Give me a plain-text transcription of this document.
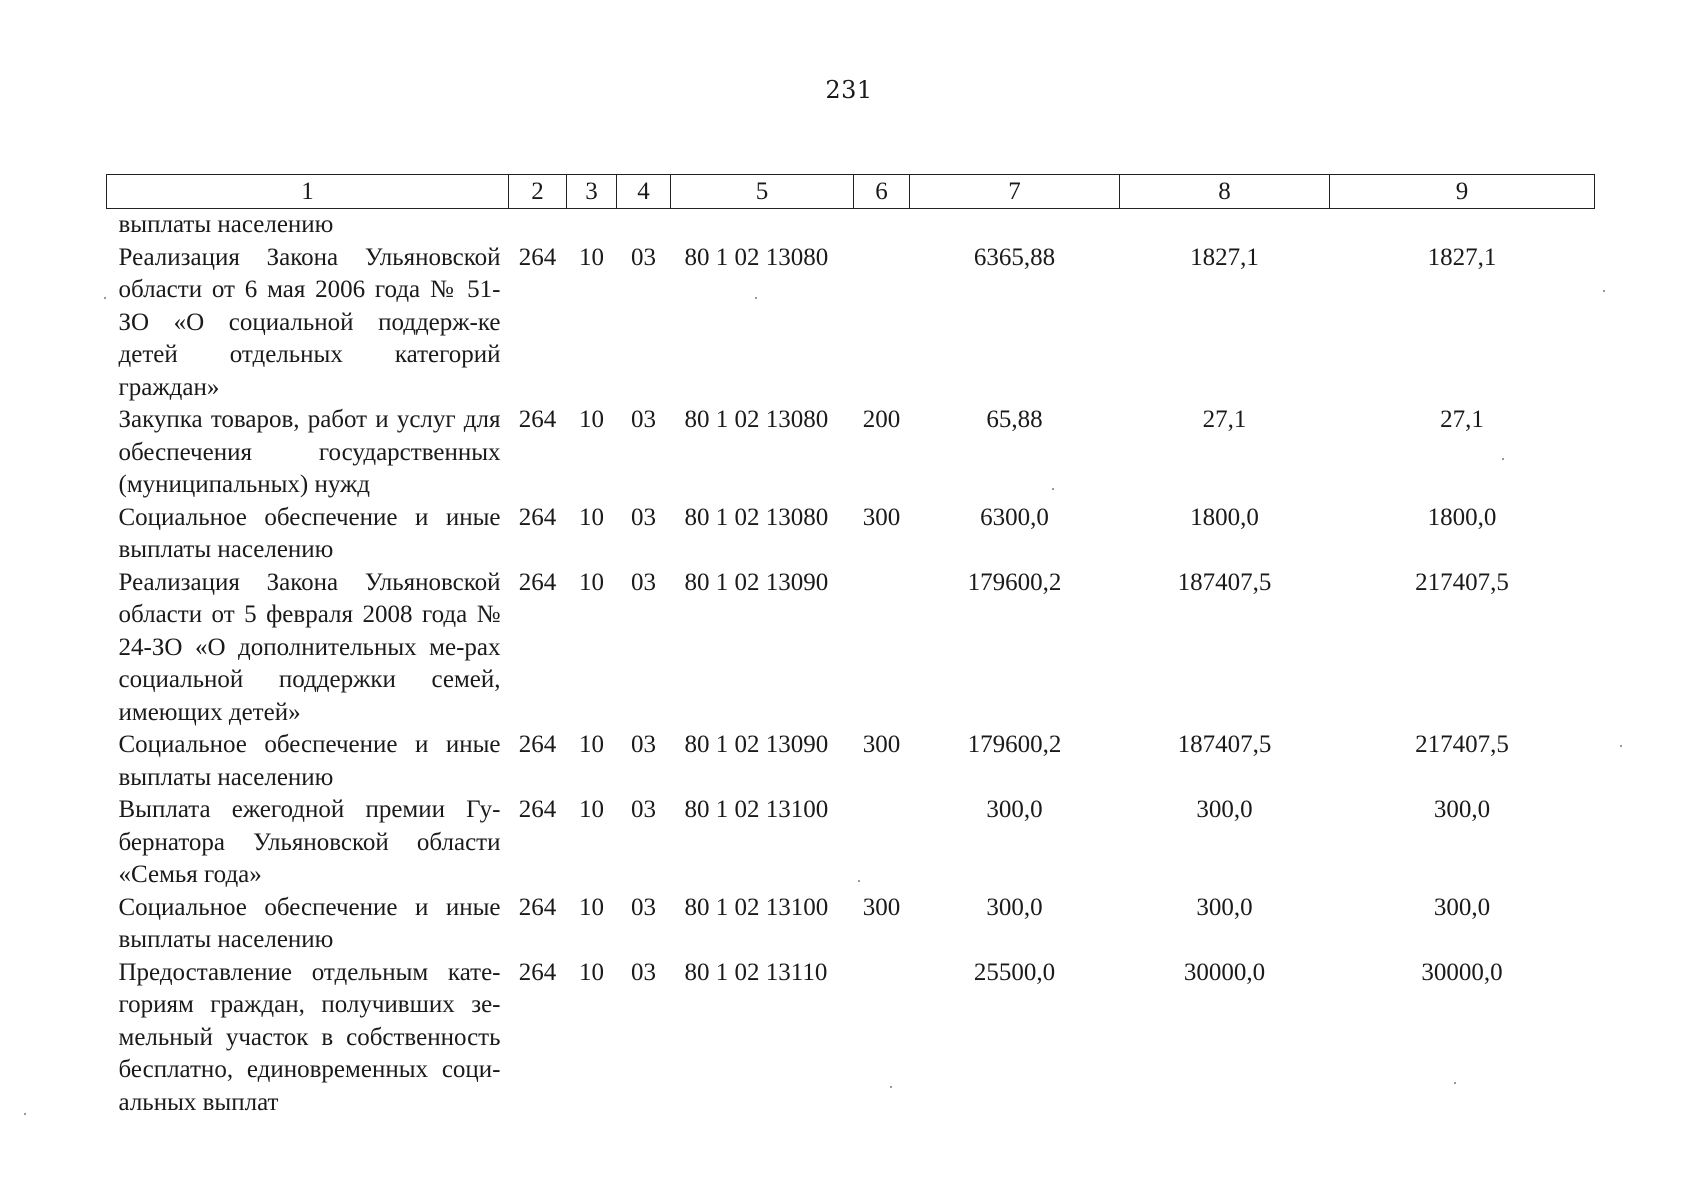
231
1	2	3	4	5	6	7	8	9
выплаты населению								
Реализация Закона Ульяновской области от 6 мая 2006 года № 51-ЗО «О социальной поддерж-ке детей отдельных категорий граждан»	264	10	03	80 1 02 13080		6365,88	1827,1	1827,1
Закупка товаров, работ и услуг для обеспечения государственных (муниципальных) нужд	264	10	03	80 1 02 13080	200	65,88	27,1	27,1
Социальное обеспечение и иные выплаты населению	264	10	03	80 1 02 13080	300	6300,0	1800,0	1800,0
Реализация Закона Ульяновской области от 5 февраля 2008 года № 24-ЗО «О дополнительных ме-рах социальной поддержки семей, имеющих детей»	264	10	03	80 1 02 13090		179600,2	187407,5	217407,5
Социальное обеспечение и иные выплаты населению	264	10	03	80 1 02 13090	300	179600,2	187407,5	217407,5
Выплата ежегодной премии Гу-бернатора Ульяновской области «Семья года»	264	10	03	80 1 02 13100		300,0	300,0	300,0
Социальное обеспечение и иные выплаты населению	264	10	03	80 1 02 13100	300	300,0	300,0	300,0
Предоставление отдельным кате-гориям граждан, получивших зе-мельный участок в собственность бесплатно, единовременных соци-альных выплат	264	10	03	80 1 02 13110		25500,0	30000,0	30000,0
